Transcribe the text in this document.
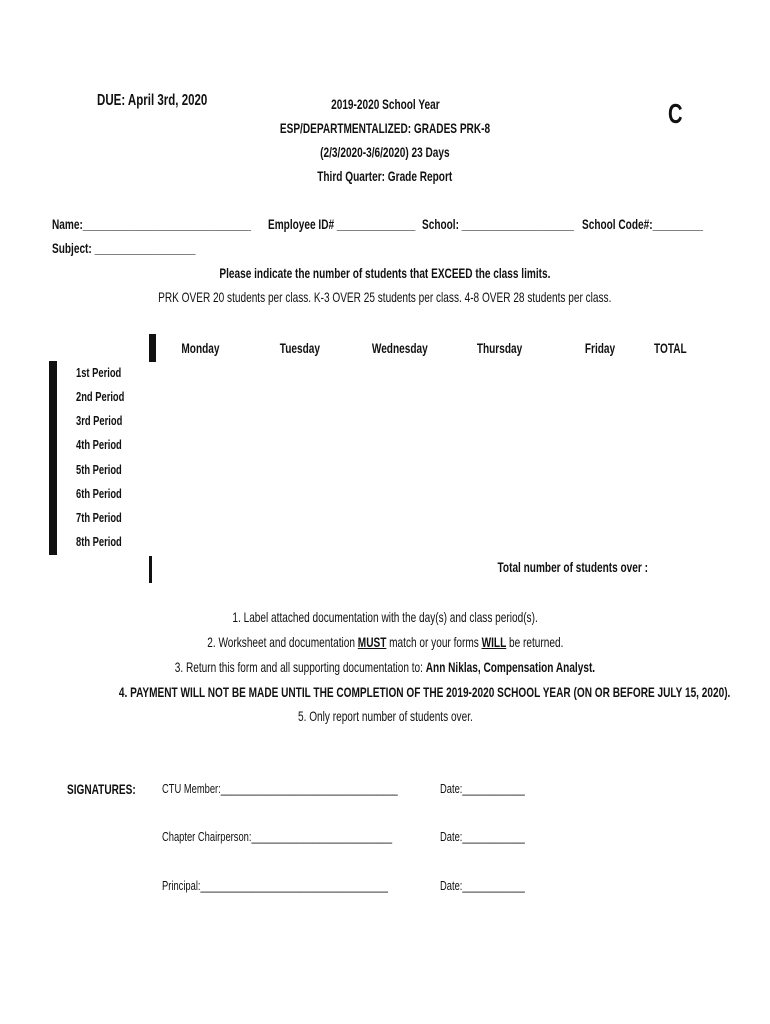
DUE: April 3rd, 2020	2019-2020 School Year
ESP/DEPARTMENTALIZED: GRADES PRK-8
(2/3/2020-3/6/2020) 23 Days
Third Quarter: Grade Report
C
Name:______________________________	Employee ID# ______________ School: ____________________ School Code#:_________
Subject: __________________
Please indicate the number of students that EXCEED the class limits.
PRK OVER 20 students per class. K-3 OVER 25 students per class. 4-8 OVER 28 students per class.

Monday	Tuesday	Wednesday	Thursday	Friday	TOTAL
1st Period
2nd Period
3rd Period
4th Period
5th Period
6th Period
7th Period
8th Period
Total number of students over :
1. Label attached documentation with the day(s) and class period(s).
2. Worksheet and documentation MUST match or your forms WILL be returned.
3. Return this form and all supporting documentation to: Ann Niklas, Compensation Analyst.
4. PAYMENT WILL NOT BE MADE UNTIL THE COMPLETION OF THE 2019-2020 SCHOOL YEAR (ON OR BEFORE JULY 15, 2020).
5. Only report number of students over.
SIGNATURES:	CTU Member:__________________________________	Date:____________
Chapter Chairperson:___________________________	Date:____________
Principal:____________________________________	Date:____________
